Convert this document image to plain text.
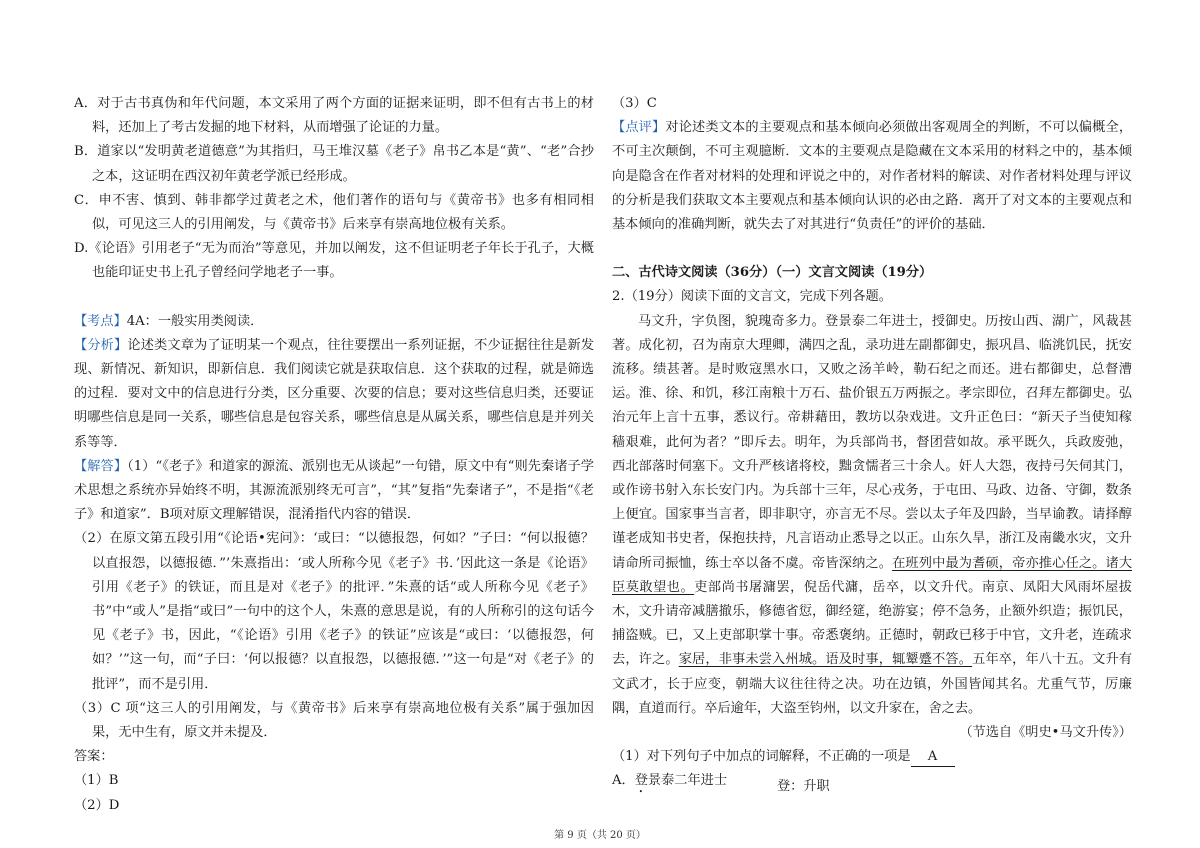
A．对于古书真伪和年代问题，本文采用了两个方面的证据来证明，即不但有古书上的材料，还加上了考古发掘的地下材料，从而增强了论证的力量。

B．道家以“发明黄老道德意”为其指归，马王堆汉墓《老子》帛书乙本是“黄”、“老”合抄之本，这证明在西汉初年黄老学派已经形成。

C．申不害、慎到、韩非都学过黄老之术，他们著作的语句与《黄帝书》也多有相同相似，可见这三人的引用阐发，与《黄帝书》后来享有崇高地位极有关系。

D.《论语》引用老子“无为而治”等意见，并加以阐发，这不但证明老子年长于孔子，大概也能印证史书上孔子曾经问学地老子一事。

【考点】4A：一般实用类阅读．

【分析】论述类文章为了证明某一个观点，往往要摆出一系列证据，不少证据往往是新发现、新情况、新知识，即新信息．我们阅读它就是获取信息．这个获取的过程，就是筛选的过程．要对文中的信息进行分类，区分重要、次要的信息；要对这些信息归类，还要证明哪些信息是同一关系，哪些信息是包容关系，哪些信息是从属关系，哪些信息是并列关系等等．

【解答】（1）“《老子》和道家的源流、派别也无从谈起”一句错，原文中有“则先秦诸子学术思想之系统亦异始终不明，其源流派别终无可言”，“其”复指“先秦诸子”，不是指“《老子》和道家”．B项对原文理解错误，混淆指代内容的错误．

（2）在原文第五段引用“《论语•宪问》：‘或曰：“以德报怨，何如？”子曰：“何以报德？以直报怨，以德报德．”’朱熹指出：‘或人所称今见《老子》书．’因此这一条是《论语》引用《老子》的铁证，而且是对《老子》的批评．”朱熹的话“或人所称今见《老子》书”中“或人”是指“或曰”一句中的这个人，朱熹的意思是说，有的人所称引的这句话今见《老子》书，因此，“《论语》引用《老子》的铁证”应该是“或曰：‘以德报怨，何如？’”这一句，而“子曰：‘何以报德？以直报怨，以德报德．’”这一句是“对《老子》的批评”，而不是引用．

（3）C 项“这三人的引用阐发，与《黄帝书》后来享有崇高地位极有关系”属于强加因果，无中生有，原文并未提及．

答案：

（1）B

（2）D

（3）C

【点评】对论述类文本的主要观点和基本倾向必须做出客观周全的判断，不可以偏概全，不可主次颠倒，不可主观臆断．文本的主要观点是隐藏在文本采用的材料之中的，基本倾向是隐含在作者对材料的处理和评说之中的，对作者材料的解读、对作者材料处理与评议的分析是我们获取文本主要观点和基本倾向认识的必由之路．离开了对文本的主要观点和基本倾向的准确判断，就失去了对其进行“负责任”的评价的基础．

二、古代诗文阅读（36分）（一）文言文阅读（19分）

2.（19分）阅读下面的文言文，完成下列各题。

马文升，字负图，貌瑰奇多力。登景泰二年进士，授御史。历按山西、湖广，风裁甚著。成化初，召为南京大理卿，满四之乱，录功进左副都御史，振巩昌、临洮饥民，抚安流移。绩甚著。是时败寇黑水口，又败之汤羊岭，勒石纪之而还。进右都御史，总督漕运。淮、徐、和饥，移江南粮十万石、盐价银五万两振之。孝宗即位，召拜左都御史。弘治元年上言十五事，悉议行。帝耕藉田，教坊以杂戏进。文升正色曰：“新天子当使知稼穑艰难，此何为者？”即斥去。明年，为兵部尚书，督团营如故。承平既久，兵政废弛，西北部落时伺塞下。文升严核诸将校，黜贪懦者三十余人。奸人大怨，夜持弓矢伺其门，或作谤书射入东长安门内。为兵部十三年，尽心戎务，于屯田、马政、边备、守御，数条上便宜。国家事当言者，即非职守，亦言无不尽。尝以太子年及四龄，当早谕教。请择醇谨老成知书史者，保抱扶持，凡言语动止悉导之以正。山东久旱，浙江及南畿水灾，文升请命所司振恤，练士卒以备不虞。帝皆深纳之。在班列中最为耆硕，帝亦推心任之。诸大臣莫敢望也。吏部尚书屠滽罢，倪岳代滽，岳卒，以文升代。南京、凤阳大风雨坏屋拔木，文升请帝减膳撤乐，修德省愆，御经筵，绝游宴；停不急务，止额外织造；振饥民，捕盗贼。已，又上吏部职掌十事。帝悉褒纳。正德时，朝政已移于中官，文升老，连疏求去，许之。家居，非事未尝入州城。语及时事，辄颦蹙不答。五年卒，年八十五。文升有文武才，长于应变，朝端大议往往待之决。功在边镇，外国皆闻其名。尤重气节，厉廉隅，直道而行。卒后逾年，大盗至钧州，以文升家在，舍之去。

（节选自《明史•马文升传》）

（1）对下列句子中加点的词解释，不正确的一项是 A

A．登景泰二年进士	登：升职
第 9 页（共 20 页）
